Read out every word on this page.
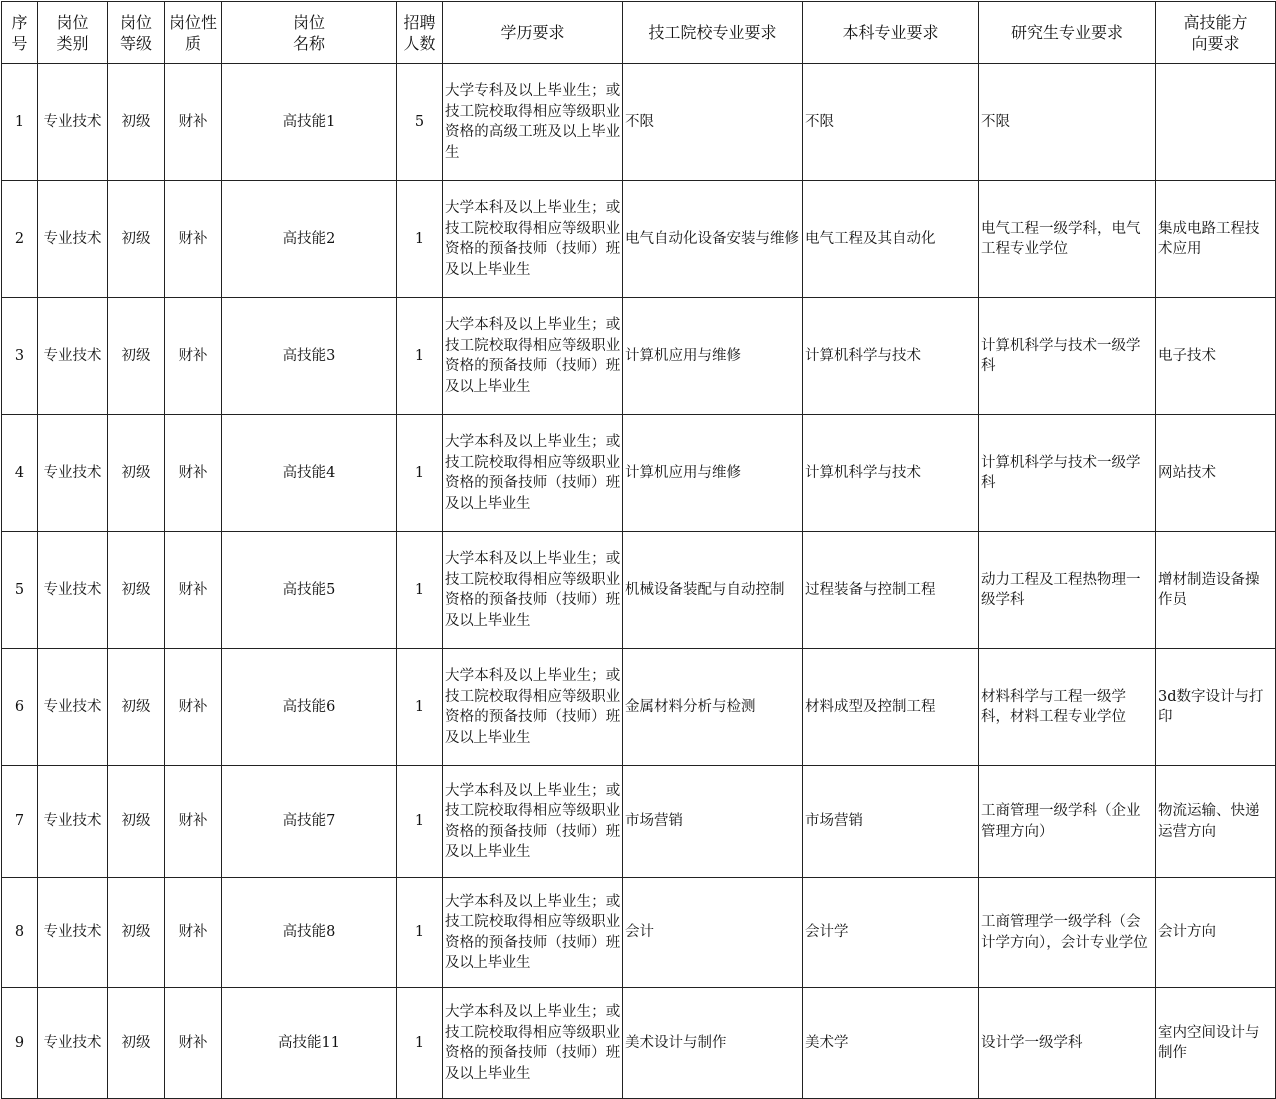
序号	岗位类别	岗位等级	岗位性质	岗位名称	招聘人数	学历要求	技工院校专业要求	本科专业要求	研究生专业要求	高技能方向要求
1	专业技术	初级	财补	高技能1	5	大学专科及以上毕业生；或技工院校取得相应等级职业资格的高级工班及以上毕业生	不限	不限	不限	
2	专业技术	初级	财补	高技能2	1	大学本科及以上毕业生；或技工院校取得相应等级职业资格的预备技师（技师）班及以上毕业生	电气自动化设备安装与维修	电气工程及其自动化	电气工程一级学科，电气工程专业学位	集成电路工程技术应用
3	专业技术	初级	财补	高技能3	1	大学本科及以上毕业生；或技工院校取得相应等级职业资格的预备技师（技师）班及以上毕业生	计算机应用与维修	计算机科学与技术	计算机科学与技术一级学科	电子技术
4	专业技术	初级	财补	高技能4	1	大学本科及以上毕业生；或技工院校取得相应等级职业资格的预备技师（技师）班及以上毕业生	计算机应用与维修	计算机科学与技术	计算机科学与技术一级学科	网站技术
5	专业技术	初级	财补	高技能5	1	大学本科及以上毕业生；或技工院校取得相应等级职业资格的预备技师（技师）班及以上毕业生	机械设备装配与自动控制	过程装备与控制工程	动力工程及工程热物理一级学科	增材制造设备操作员
6	专业技术	初级	财补	高技能6	1	大学本科及以上毕业生；或技工院校取得相应等级职业资格的预备技师（技师）班及以上毕业生	金属材料分析与检测	材料成型及控制工程	材料科学与工程一级学科，材料工程专业学位	3d数字设计与打印
7	专业技术	初级	财补	高技能7	1	大学本科及以上毕业生；或技工院校取得相应等级职业资格的预备技师（技师）班及以上毕业生	市场营销	市场营销	工商管理一级学科（企业管理方向）	物流运输、快递运营方向
8	专业技术	初级	财补	高技能8	1	大学本科及以上毕业生；或技工院校取得相应等级职业资格的预备技师（技师）班及以上毕业生	会计	会计学	工商管理学一级学科（会计学方向），会计专业学位	会计方向
9	专业技术	初级	财补	高技能11	1	大学本科及以上毕业生；或技工院校取得相应等级职业资格的预备技师（技师）班及以上毕业生	美术设计与制作	美术学	设计学一级学科	室内空间设计与制作
